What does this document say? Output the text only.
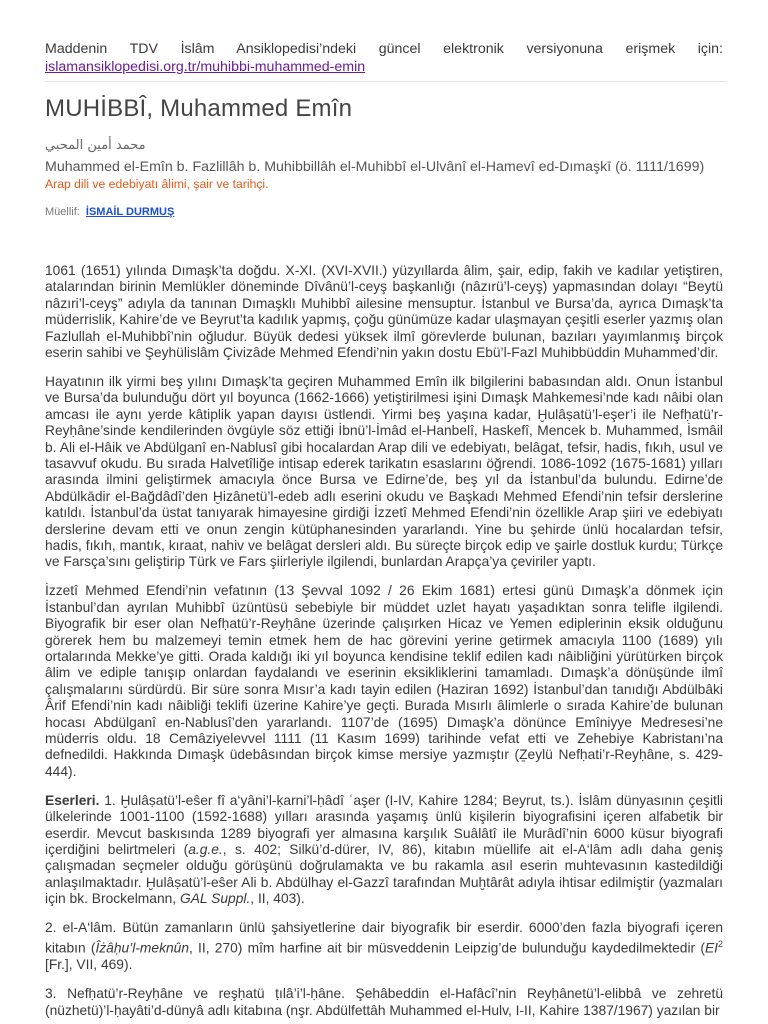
Maddenin TDV İslâm Ansiklopedisi’ndeki güncel elektronik versiyonuna erişmek için:
islamansiklopedisi.org.tr/muhibbi-muhammed-emin
MUHİBBÎ, Muhammed Emîn
محمد أمين المحبي
Muhammed el-Emîn b. Fazlillâh b. Muhibbillâh el-Muhibbî el-Ulvânî el-Hamevî ed-Dımaşkī (ö. 1111/1699)
Arap dili ve edebiyatı âlimi, şair ve tarihçi.
Müellif: İSMAİL DURMUŞ

1061 (1651) yılında Dımaşk’ta doğdu. X-XI. (XVI-XVII.) yüzyıllarda âlim, şair, edip, fakih ve kadılar yetiştiren, atalarından birinin Memlükler döneminde Dîvânü’l-ceyş başkanlığı (nâzırü’l-ceyş) yapmasından dolayı “Beytü nâzıri’l-ceyş” adıyla da tanınan Dımaşklı Muhibbî ailesine mensuptur. İstanbul ve Bursa’da, ayrıca Dımaşk’ta müderrislik, Kahire’de ve Beyrut’ta kadılık yapmış, çoğu günümüze kadar ulaşmayan çeşitli eserler yazmış olan Fazlullah el-Muhibbî’nin oğludur. Büyük dedesi yüksek ilmî görevlerde bulunan, bazıları yayımlanmış birçok eserin sahibi ve Şeyhülislâm Çivizâde Mehmed Efendi’nin yakın dostu Ebü’l-Fazl Muhibbüddin Muhammed’dir.

Hayatının ilk yirmi beş yılını Dımaşk’ta geçiren Muhammed Emîn ilk bilgilerini babasından aldı. Onun İstanbul ve Bursa’da bulunduğu dört yıl boyunca (1662-1666) yetiştirilmesi işini Dımaşk Mahkemesi’nde kadı nâibi olan amcası ile aynı yerde kâtiplik yapan dayısı üstlendi. Yirmi beş yaşına kadar, Ḫulâṣatü’l-eşer’i ile Nefḥatü’r-Reyḥâne’sinde kendilerinden övgüyle söz ettiği İbnü’l-İmâd el-Hanbelî, Haskefî, Mencek b. Muhammed, İsmâil b. Ali el-Hâik ve Abdülganî en-Nablusî gibi hocalardan Arap dili ve edebiyatı, belâgat, tefsir, hadis, fıkıh, usul ve tasavvuf okudu. Bu sırada Halvetîliğe intisap ederek tarikatın esaslarını öğrendi. 1086-1092 (1675-1681) yılları arasında ilmini geliştirmek amacıyla önce Bursa ve Edirne’de, beş yıl da İstanbul’da bulundu. Edirne’de Abdülkādir el-Bağdâdî’den Ḫizânetü’l-edeb adlı eserini okudu ve Başkadı Mehmed Efendi’nin tefsir derslerine katıldı. İstanbul’da üstat tanıyarak himayesine girdiği İzzetî Mehmed Efendi’nin özellikle Arap şiiri ve edebiyatı derslerine devam etti ve onun zengin kütüphanesinden yararlandı. Yine bu şehirde ünlü hocalardan tefsir, hadis, fıkıh, mantık, kıraat, nahiv ve belâgat dersleri aldı. Bu süreçte birçok edip ve şairle dostluk kurdu; Türkçe ve Farsça’sını geliştirip Türk ve Fars şiirleriyle ilgilendi, bunlardan Arapça’ya çeviriler yaptı.

İzzetî Mehmed Efendi’nin vefatının (13 Şevval 1092 / 26 Ekim 1681) ertesi günü Dımaşk’a dönmek için İstanbul’dan ayrılan Muhibbî üzüntüsü sebebiyle bir müddet uzlet hayatı yaşadıktan sonra telifle ilgilendi. Biyografik bir eser olan Nefḥatü’r-Reyḥâne üzerinde çalışırken Hicaz ve Yemen ediplerinin eksik olduğunu görerek hem bu malzemeyi temin etmek hem de hac görevini yerine getirmek amacıyla 1100 (1689) yılı ortalarında Mekke’ye gitti. Orada kaldığı iki yıl boyunca kendisine teklif edilen kadı nâibliğini yürütürken birçok âlim ve ediple tanışıp onlardan faydalandı ve eserinin eksikliklerini tamamladı. Dımaşk’a dönüşünde ilmî çalışmalarını sürdürdü. Bir süre sonra Mısır’a kadı tayin edilen (Haziran 1692) İstanbul’dan tanıdığı Abdülbâki Ârif Efendi’nin kadı nâibliği teklifi üzerine Kahire’ye geçti. Burada Mısırlı âlimlerle o sırada Kahire’de bulunan hocası Abdülganî en-Nablusî’den yararlandı. 1107’de (1695) Dımaşk’a dönünce Emîniyye Medresesi’ne müderris oldu. 18 Cemâziyelevvel 1111 (11 Kasım 1699) tarihinde vefat etti ve Zehebiye Kabristanı’na defnedildi. Hakkında Dımaşk üdebâsından birçok kimse mersiye yazmıştır (Ẕeylü Nefḥati’r-Reyḥâne, s. 429-444).

Eserleri. 1. Ḫulâṣatü’l-eŝer fî a‘yâni’l-ḳarni’l-ḥâdî ʿaşer (I-IV, Kahire 1284; Beyrut, ts.). İslâm dünyasının çeşitli ülkelerinde 1001-1100 (1592-1688) yılları arasında yaşamış ünlü kişilerin biyografisini içeren alfabetik bir eserdir. Mevcut baskısında 1289 biyografi yer almasına karşılık Suâlâtî ile Murâdî’nin 6000 küsur biyografi içerdiğini belirtmeleri (a.g.e., s. 402; Silkü’d-dürer, IV, 86), kitabın müellife ait el-A‘lâm adlı daha geniş çalışmadan seçmeler olduğu görüşünü doğrulamakta ve bu rakamla asıl eserin muhtevasının kastedildiği anlaşılmaktadır. Ḫulâṣatü’l-eŝer Ali b. Abdülhay el-Gazzî tarafından Muḫtârât adıyla ihtisar edilmiştir (yazmaları için bk. Brockelmann, GAL Suppl., II, 403).

2. el-A‘lâm. Bütün zamanların ünlü şahsiyetlerine dair biyografik bir eserdir. 6000’den fazla biyografi içeren kitabın (Îżâḥu’l-meknûn, II, 270) mîm harfine ait bir müsveddenin Leipzig’de bulunduğu kaydedilmektedir ($EI^2$ [Fr.], VII, 469).

3. Nefḥatü’r-Reyḥâne ve reşḥatü ṭılâ’i’l-ḥâne. Şehâbeddin el-Hafâcî’nin Reyḥânetü’l-elibbâ ve zehretü (nüzhetü)’l-ḥayâti’d-dünyâ adlı kitabına (nşr. Abdülfettâh Muhammed el-Hulv, I-II, Kahire 1387/1967) yazılan bir
